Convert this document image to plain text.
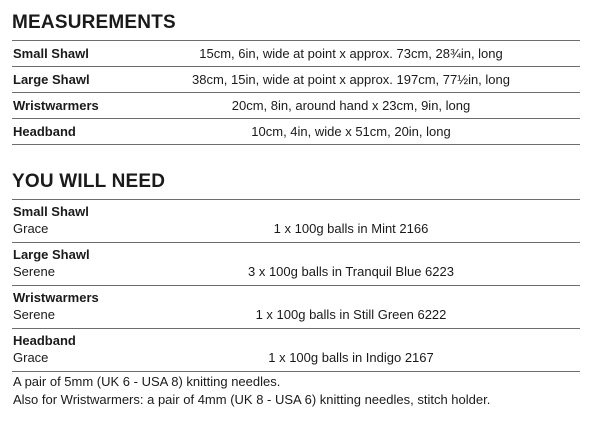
MEASUREMENTS
Small Shawl	15cm, 6in, wide at point x approx. 73cm, 28¾in, long
Large Shawl	38cm, 15in, wide at point x approx. 197cm, 77½in, long
Wristwarmers	20cm, 8in, around hand x 23cm, 9in, long
Headband	10cm, 4in, wide x 51cm, 20in, long
YOU WILL NEED
Small Shawl
Grace	1 x 100g balls in Mint 2166
Large Shawl
Serene	3 x 100g balls in Tranquil Blue 6223
Wristwarmers
Serene	1 x 100g balls in Still Green 6222
Headband
Grace	1 x 100g balls in Indigo 2167
A pair of 5mm (UK 6 - USA 8) knitting needles.
Also for Wristwarmers: a pair of 4mm (UK 8 - USA 6) knitting needles, stitch holder.
